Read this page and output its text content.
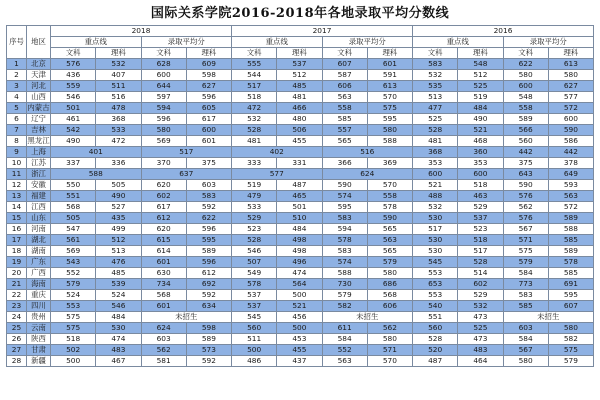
国际关系学院2016-2018年各地录取平均分数线
序号	地区	2018				2017				2016			
		重点线		录取平均分		重点线		录取平均分		重点线		录取平均分	
		文科	理科	文科	理科	文科	理科	文科	理科	文科	理科	文科	理科
1	北京	576	532	628	609	555	537	607	601	583	548	622	613
2	天津	436	407	600	598	544	512	587	591	532	512	580	580
3	河北	559	511	644	627	517	485	606	613	535	525	600	627
4	山西	546	516	597	596	518	481	563	570	513	519	548	577
5	内蒙古	501	478	594	605	472	466	558	575	477	484	558	572
6	辽宁	461	368	596	617	532	480	585	595	525	490	589	600
7	吉林	542	533	580	600	528	506	557	580	528	521	566	590
8	黑龙江	490	472	569	601	481	455	565	588	481	468	560	586
9	上海	401		517		402		516		368	360	442	442
10	江苏	337	336	370	375	333	331	366	369	353	353	375	378
11	浙江	588		637		577		624		600	600	643	649
12	安徽	550	505	620	603	519	487	590	570	521	518	590	593
13	福建	551	490	602	583	479	465	574	558	488	463	576	563
14	江西	568	527	617	592	533	501	595	578	532	529	562	572
15	山东	505	435	612	622	529	510	583	590	530	537	576	589
16	河南	547	499	620	596	523	484	594	565	517	523	567	588
17	湖北	561	512	615	595	528	498	578	563	530	518	571	585
18	湖南	569	513	614	589	546	498	583	565	530	517	575	589
19	广东	543	476	601	596	507	496	574	579	545	528	579	578
20	广西	552	485	630	612	549	474	588	580	553	514	584	585
21	海南	579	539	734	692	578	564	730	686	653	602	773	691
22	重庆	524	524	568	592	537	500	579	568	553	529	583	595
23	四川	553	546	601	634	537	521	582	606	540	532	585	607
24	贵州	575	484	未招生		545	456	未招生		551	473	未招生	
25	云南	575	530	624	598	560	500	611	562	560	525	603	580
26	陕西	518	474	603	589	511	453	584	580	528	473	584	582
27	甘肃	502	483	562	573	500	455	552	571	520	483	567	575
28	新疆	500	467	581	592	486	437	563	570	487	464	580	579
